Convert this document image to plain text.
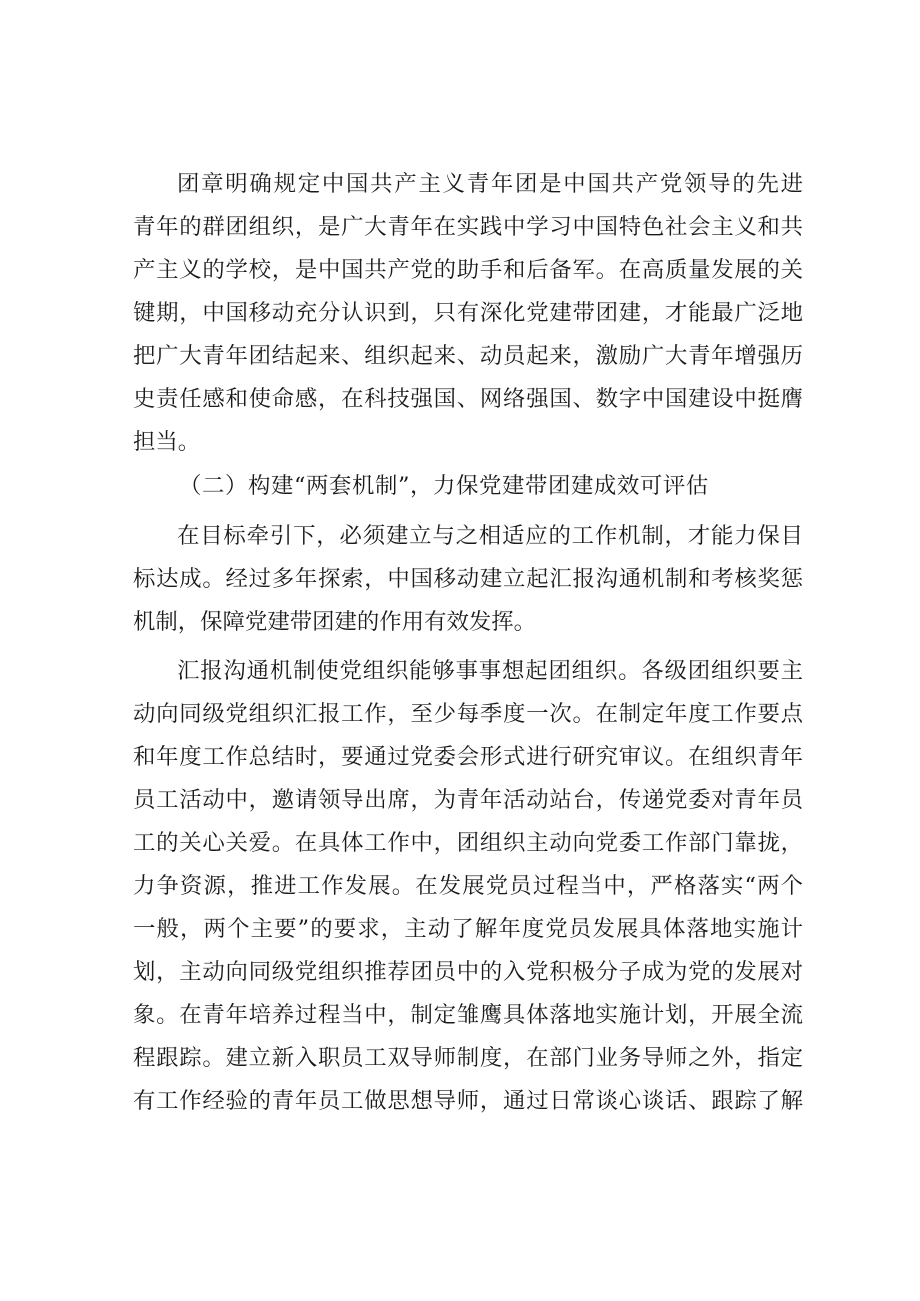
团章明确规定中国共产主义青年团是中国共产党领导的先进
青年的群团组织，是广大青年在实践中学习中国特色社会主义和共
产主义的学校，是中国共产党的助手和后备军。在高质量发展的关
键期，中国移动充分认识到，只有深化党建带团建，才能最广泛地
把广大青年团结起来、组织起来、动员起来，激励广大青年增强历
史责任感和使命感，在科技强国、网络强国、数字中国建设中挺膺
担当。
（二）构建“两套机制”，力保党建带团建成效可评估
在目标牵引下，必须建立与之相适应的工作机制，才能力保目
标达成。经过多年探索，中国移动建立起汇报沟通机制和考核奖惩
机制，保障党建带团建的作用有效发挥。
汇报沟通机制使党组织能够事事想起团组织。各级团组织要主
动向同级党组织汇报工作，至少每季度一次。在制定年度工作要点
和年度工作总结时，要通过党委会形式进行研究审议。在组织青年
员工活动中，邀请领导出席，为青年活动站台，传递党委对青年员
工的关心关爱。在具体工作中，团组织主动向党委工作部门靠拢，
力争资源，推进工作发展。在发展党员过程当中，严格落实“两个
一般，两个主要”的要求，主动了解年度党员发展具体落地实施计
划，主动向同级党组织推荐团员中的入党积极分子成为党的发展对
象。在青年培养过程当中，制定雏鹰具体落地实施计划，开展全流
程跟踪。建立新入职员工双导师制度，在部门业务导师之外，指定
有工作经验的青年员工做思想导师，通过日常谈心谈话、跟踪了解
